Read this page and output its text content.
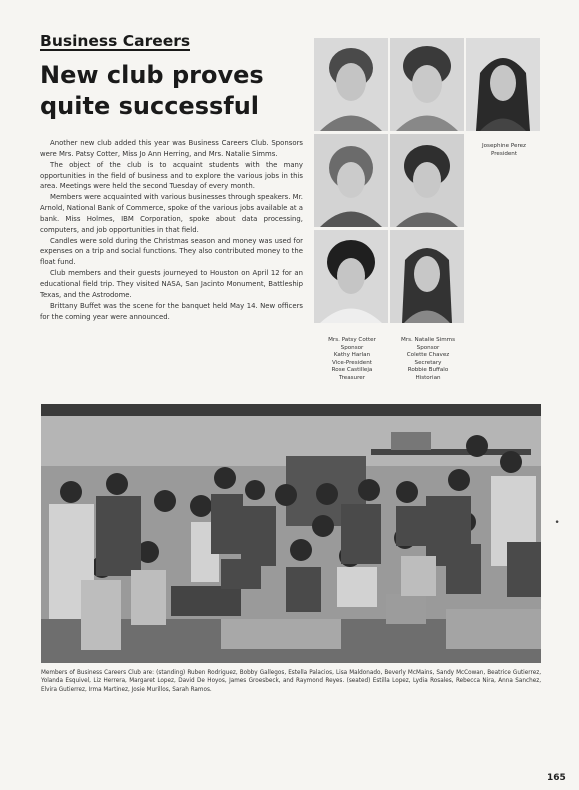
Business Careers
New club proves
quite successful

Another new club added this year was Business Careers Club. Sponsors were Mrs. Patsy Cotter, Miss Jo Ann Herring, and Mrs. Natalie Simms.

The object of the club is to acquaint students with the many opportunities in the field of business and to explore the various jobs in this area. Meetings were held the second Tuesday of every month.

Members were acquainted with various businesses through speakers. Mr. Arnold, National Bank of Commerce, spoke of the various jobs available at a bank. Miss Holmes, IBM Corporation, spoke about data processing, computers, and job opportunities in that field.

Candles were sold during the Christmas season and money was used for expenses on a trip and social functions. They also contributed money to the float fund.

Club members and their guests journeyed to Houston on April 12 for an educational field trip. They visited NASA, San Jacinto Monument, Battleship Texas, and the Astrodome.

Brittany Buffet was the scene for the banquet held May 14. New officers for the coming year were announced.

Josephine Perez
President
Mrs. Patsy Cotter
Sponsor
Kathy Harlan
Vice-President
Rose Castilleja
Treasurer
Mrs. Natalie Simms
Sponsor
Colette Chavez
Secretary
Robbie Buffalo
Historian
Members of Business Careers Club are: (standing) Ruben Rodriguez, Bobby Gallegos, Estella Palacios, Lisa Maldonado, Beverly McMains, Sandy McCowan, Beatrice Gutierrez, Yolanda Esquivel, Liz Herrera, Margaret Lopez, David De Hoyos, James Groesbeck, and Raymond Reyes. (seated) Estilla Lopez, Lydia Rosales, Rebecca Nira, Anna Sanchez, Elvira Gutierrez, Irma Martinez, Josie Murillos, Sarah Ramos.
•
165
